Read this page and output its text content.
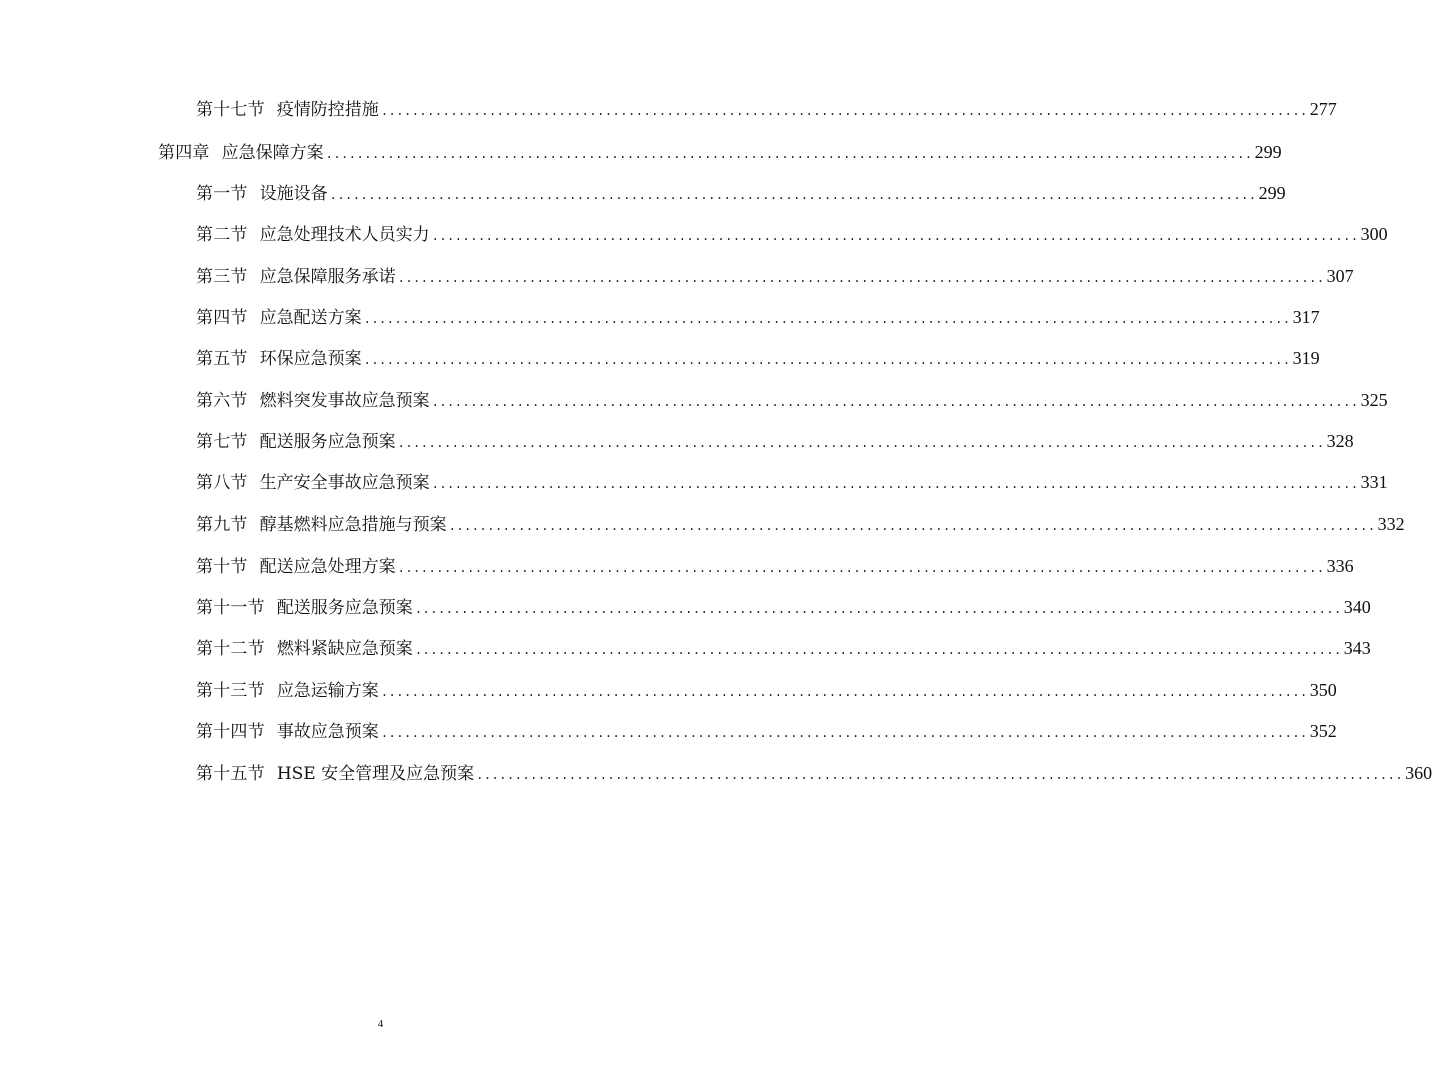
第十七节 疫情防控措施 ........................................................................................................................ 277
第四章 应急保障方案 ........................................................................................................................ 299
第一节 设施设备 ........................................................................................................................ 299
第二节 应急处理技术人员实力 ........................................................................................................................ 300
第三节 应急保障服务承诺 ........................................................................................................................ 307
第四节 应急配送方案 ........................................................................................................................ 317
第五节 环保应急预案 ........................................................................................................................ 319
第六节 燃料突发事故应急预案 ........................................................................................................................ 325
第七节 配送服务应急预案 ........................................................................................................................ 328
第八节 生产安全事故应急预案 ........................................................................................................................ 331
第九节 醇基燃料应急措施与预案 ........................................................................................................................ 332
第十节 配送应急处理方案 ........................................................................................................................ 336
第十一节 配送服务应急预案 ........................................................................................................................ 340
第十二节 燃料紧缺应急预案 ........................................................................................................................ 343
第十三节 应急运输方案 ........................................................................................................................ 350
第十四节 事故应急预案 ........................................................................................................................ 352
第十五节 HSE 安全管理及应急预案 ........................................................................................................................ 360
4
